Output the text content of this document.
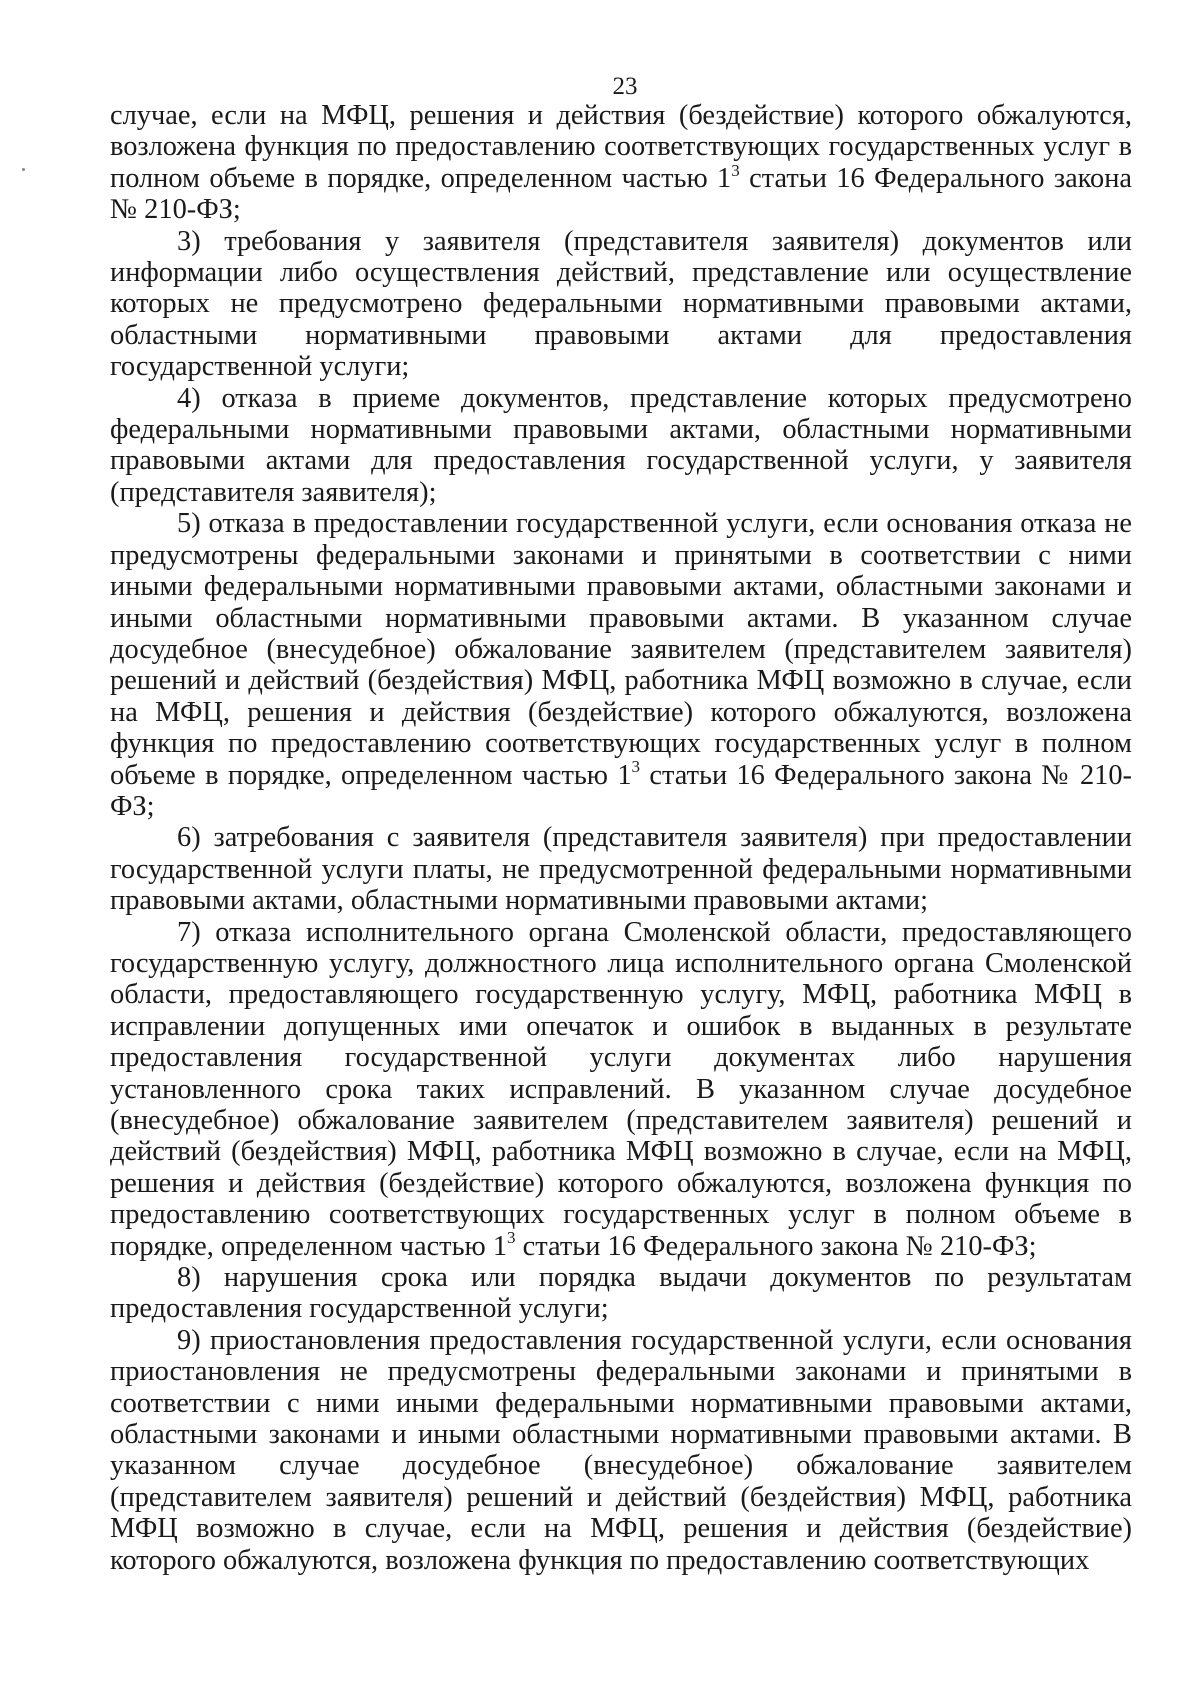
23

случае, если на МФЦ, решения и действия (бездействие) которого обжалуются, возложена функция по предоставлению соответствующих государственных услуг в полном объеме в порядке, определенном частью $1^3$ статьи 16 Федерального закона № 210-ФЗ;

3) требования у заявителя (представителя заявителя) документов или информации либо осуществления действий, представление или осуществление которых не предусмотрено федеральными нормативными правовыми актами, областными нормативными правовыми актами для предоставления государственной услуги;

4) отказа в приеме документов, представление которых предусмотрено федеральными нормативными правовыми актами, областными нормативными правовыми актами для предоставления государственной услуги, у заявителя (представителя заявителя);

5) отказа в предоставлении государственной услуги, если основания отказа не предусмотрены федеральными законами и принятыми в соответствии с ними иными федеральными нормативными правовыми актами, областными законами и иными областными нормативными правовыми актами. В указанном случае досудебное (внесудебное) обжалование заявителем (представителем заявителя) решений и действий (бездействия) МФЦ, работника МФЦ возможно в случае, если на МФЦ, решения и действия (бездействие) которого обжалуются, возложена функция по предоставлению соответствующих государственных услуг в полном объеме в порядке, определенном частью $1^3$ статьи 16 Федерального закона № 210-ФЗ;

6) затребования с заявителя (представителя заявителя) при предоставлении государственной услуги платы, не предусмотренной федеральными нормативными правовыми актами, областными нормативными правовыми актами;

7) отказа исполнительного органа Смоленской области, предоставляющего государственную услугу, должностного лица исполнительного органа Смоленской области, предоставляющего государственную услугу, МФЦ, работника МФЦ в исправлении допущенных ими опечаток и ошибок в выданных в результате предоставления государственной услуги документах либо нарушения установленного срока таких исправлений. В указанном случае досудебное (внесудебное) обжалование заявителем (представителем заявителя) решений и действий (бездействия) МФЦ, работника МФЦ возможно в случае, если на МФЦ, решения и действия (бездействие) которого обжалуются, возложена функция по предоставлению соответствующих государственных услуг в полном объеме в порядке, определенном частью $1^3$ статьи 16 Федерального закона № 210-ФЗ;

8) нарушения срока или порядка выдачи документов по результатам предоставления государственной услуги;

9) приостановления предоставления государственной услуги, если основания приостановления не предусмотрены федеральными законами и принятыми в соответствии с ними иными федеральными нормативными правовыми актами, областными законами и иными областными нормативными правовыми актами. В указанном случае досудебное (внесудебное) обжалование заявителем (представителем заявителя) решений и действий (бездействия) МФЦ, работника МФЦ возможно в случае, если на МФЦ, решения и действия (бездействие) которого обжалуются, возложена функция по предоставлению соответствующих
